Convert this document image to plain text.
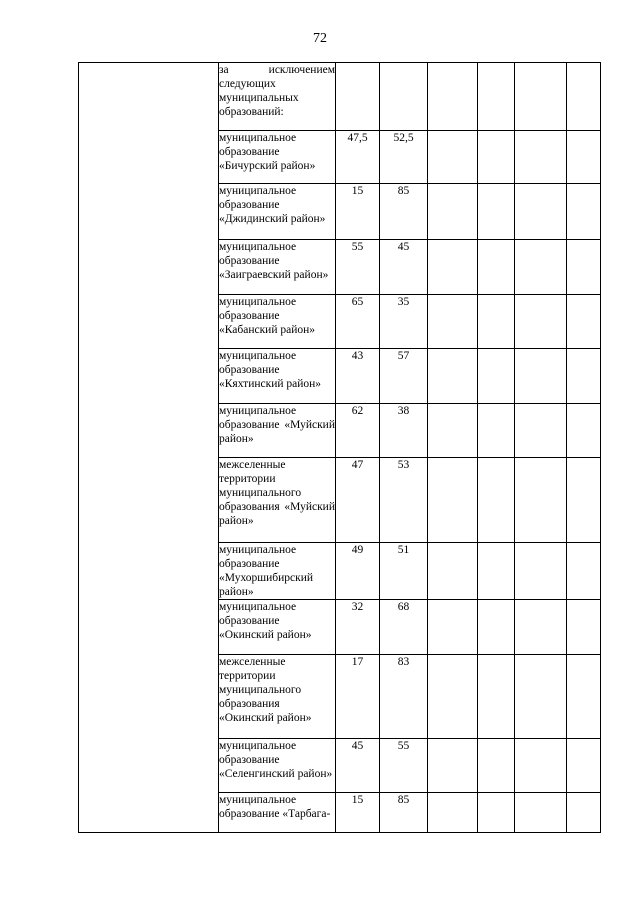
72
	за исключением следующих муниципальных образований:						
	муниципальное образование «Бичурский район»	47,5	52,5				
	муниципальное образование «Джидинский район»	15	85				
	муниципальное образование «Заиграевский район»	55	45				
	муниципальное образование «Кабанский район»	65	35				
	муниципальное образование «Кяхтинский район»	43	57				
	муниципальное образование «Муйский район»	62	38				
	межселенные территории муниципального образования «Муйский район»	47	53				
	муниципальное образование «Мухоршибирский район»	49	51				
	муниципальное образование «Окинский район»	32	68				
	межселенные территории муниципального образования «Окинский район»	17	83				
	муниципальное образование «Селенгинский район»	45	55				
	муниципальное образование «Тарбага-	15	85				
